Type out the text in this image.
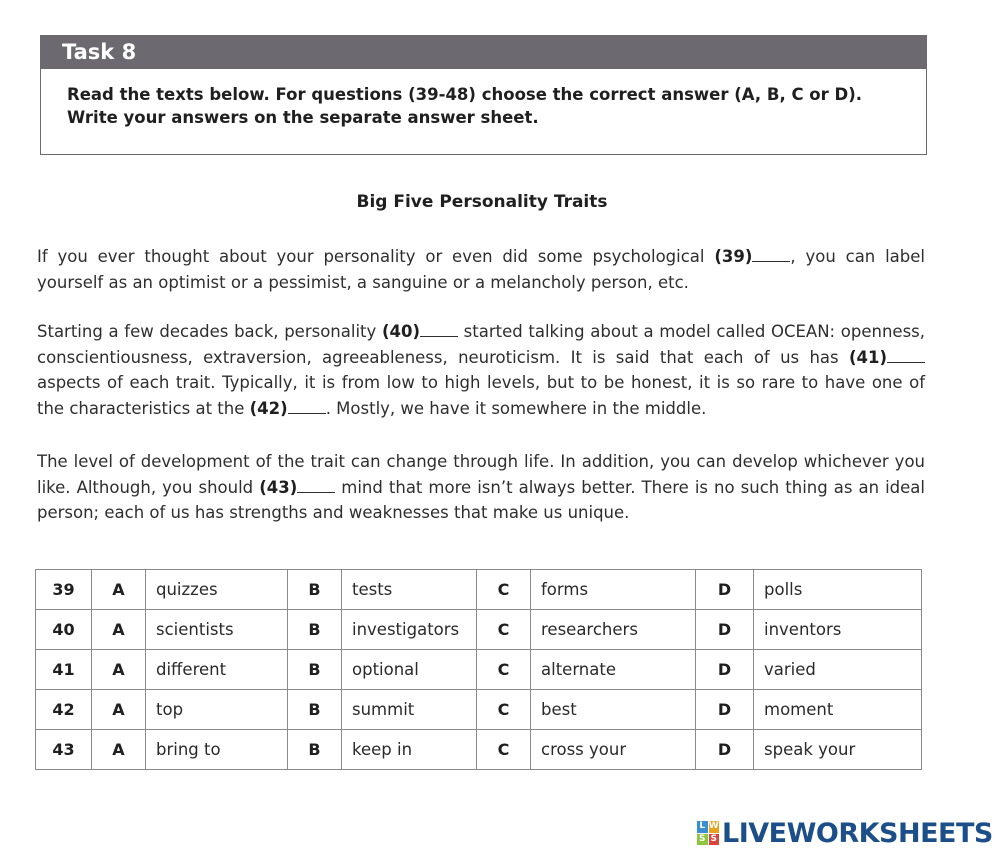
Task 8
Read the texts below. For questions (39-48) choose the correct answer (A, B, C or D). Write your answers on the separate answer sheet.
Big Five Personality Traits
If you ever thought about your personality or even did some psychological (39) , you can label yourself as an optimist or a pessimist, a sanguine or a melancholy person, etc.
Starting a few decades back, personality (40) started talking about a model called OCEAN: openness, conscientiousness, extraversion, agreeableness, neuroticism. It is said that each of us has (41) aspects of each trait. Typically, it is from low to high levels, but to be honest, it is so rare to have one of the characteristics at the (42) . Mostly, we have it somewhere in the middle.
The level of development of the trait can change through life. In addition, you can develop whichever you like. Although, you should (43) mind that more isn’t always better. There is no such thing as an ideal person; each of us has strengths and weaknesses that make us unique.
39	A	quizzes	B	tests	C	forms	D	polls
40	A	scientists	B	investigators	C	researchers	D	inventors
41	A	different	B	optional	C	alternate	D	varied
42	A	top	B	summit	C	best	D	moment
43	A	bring to	B	keep in	C	cross your	D	speak your
L W
S S LIVEWORKSHEETS
